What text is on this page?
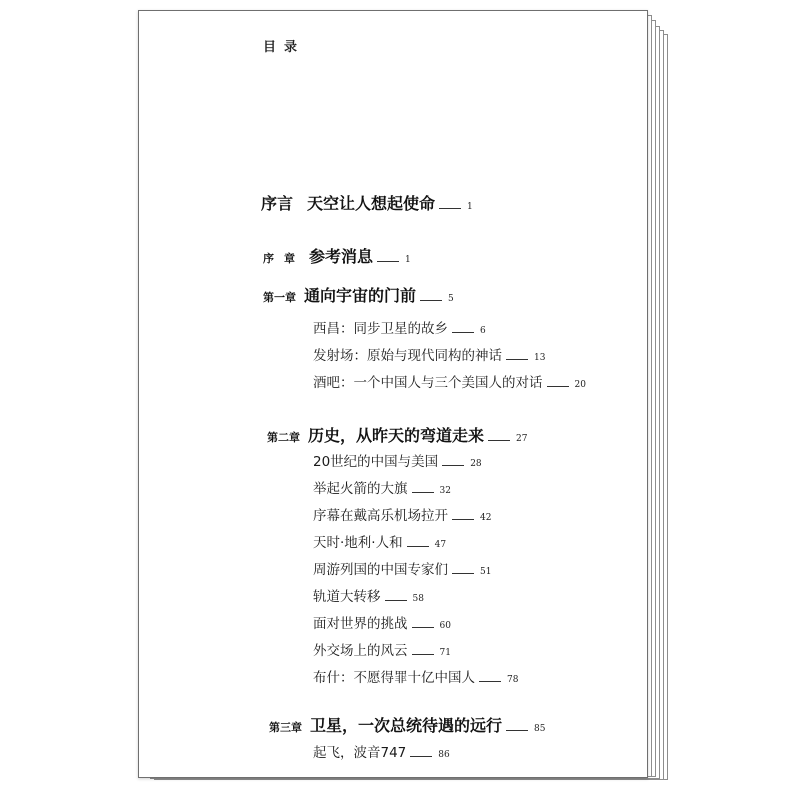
目录
序言 天空让人想起使命	1
序章 参考消息	1
第一章 通向宇宙的门前	5
西昌：同步卫星的故乡	6
发射场：原始与现代同构的神话	13
酒吧：一个中国人与三个美国人的对话	20
第二章 历史，从昨天的弯道走来	27
20世纪的中国与美国	28
举起火箭的大旗	32
序幕在戴高乐机场拉开	42
天时·地利·人和	47
周游列国的中国专家们	51
轨道大转移	58
面对世界的挑战	60
外交场上的风云	71
布什：不愿得罪十亿中国人	78
第三章 卫星，一次总统待遇的远行	85
起飞，波音747	86
